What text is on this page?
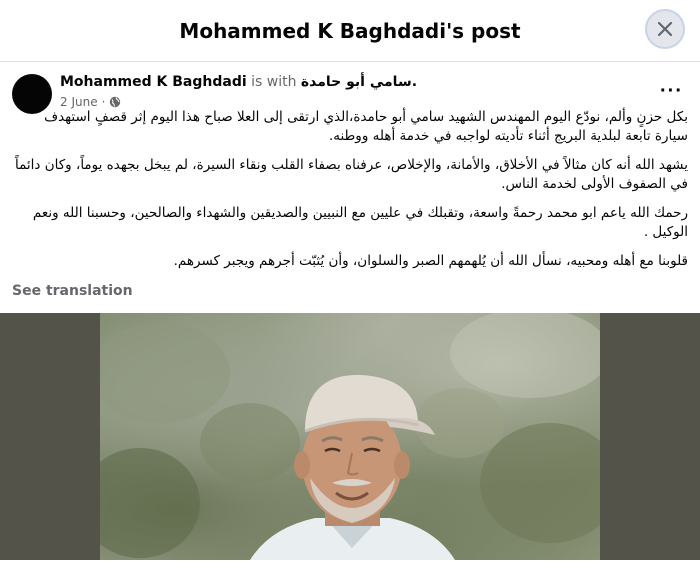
Mohammed K Baghdadi's post
Mohammed K Baghdadi is with سامي أبو حامدة.
2 June ·	···

بكل حزنٍ وألم، نودّع اليوم المهندس الشهيد سامي أبو حامدة،الذي ارتقى إلى العلا صباح هذا اليوم إثر قصفٍ استهدف سيارة تابعة لبلدية البريج أثناء تأديته لواجبه في خدمة أهله ووطنه.

يشهد الله أنه كان مثالاً في الأخلاق، والأمانة، والإخلاص، عرفناه بصفاء القلب ونقاء السيرة، لم يبخل بجهده يوماً، وكان دائماً في الصفوف الأولى لخدمة الناس.

رحمك الله ياعم ابو محمد رحمةً واسعة، وتقبلك في عليين مع النبيين والصديقين والشهداء والصالحين، وحسبنا الله ونعم الوكيل .

قلوبنا مع أهله ومحبيه، نسأل الله أن يُلهمهم الصبر والسلوان، وأن يُثبّت أجرهم ويجبر كسرهم.

See translation
